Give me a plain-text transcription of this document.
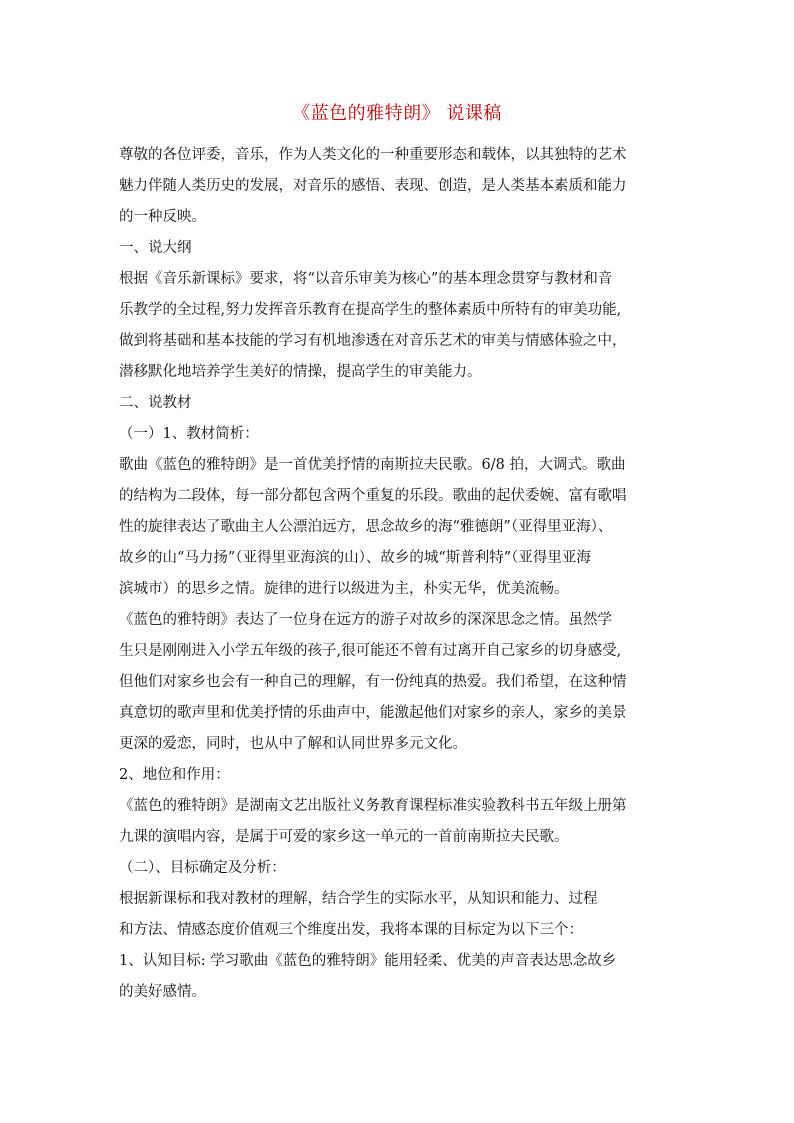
《蓝色的雅特朗》 说课稿
尊敬的各位评委，音乐，作为人类文化的一种重要形态和载体，以其独特的艺术
魅力伴随人类历史的发展，对音乐的感悟、表现、创造，是人类基本素质和能力
的一种反映。
一、说大纲
根据《音乐新课标》要求，将“以音乐审美为核心”的基本理念贯穿与教材和音
乐教学的全过程,努力发挥音乐教育在提高学生的整体素质中所特有的审美功能,
做到将基础和基本技能的学习有机地渗透在对音乐艺术的审美与情感体验之中，
潜移默化地培养学生美好的情操，提高学生的审美能力。
二、说教材
（一）1、教材简析：
歌曲《蓝色的雅特朗》是一首优美抒情的南斯拉夫民歌。6/8 拍，大调式。歌曲
的结构为二段体，每一部分都包含两个重复的乐段。歌曲的起伏委婉、富有歌唱
性的旋律表达了歌曲主人公漂泊远方，思念故乡的海“雅德朗”（亚得里亚海）、
故乡的山“马力扬”（亚得里亚海滨的山）、故乡的城“斯普利特”（亚得里亚海
滨城市）的思乡之情。旋律的进行以级进为主，朴实无华，优美流畅。
《蓝色的雅特朗》表达了一位身在远方的游子对故乡的深深思念之情。虽然学
生只是刚刚进入小学五年级的孩子,很可能还不曾有过离开自己家乡的切身感受,
但他们对家乡也会有一种自己的理解，有一份纯真的热爱。我们希望，在这种情
真意切的歌声里和优美抒情的乐曲声中，能激起他们对家乡的亲人，家乡的美景
更深的爱恋，同时，也从中了解和认同世界多元文化。
2、地位和作用：
《蓝色的雅特朗》是湖南文艺出版社义务教育课程标准实验教科书五年级上册第
九课的演唱内容，是属于可爱的家乡这一单元的一首前南斯拉夫民歌。
（二）、目标确定及分析：
根据新课标和我对教材的理解，结合学生的实际水平，从知识和能力、过程
和方法、情感态度价值观三个维度出发，我将本课的目标定为以下三个：
1、认知目标: 学习歌曲《蓝色的雅特朗》能用轻柔、优美的声音表达思念故乡
的美好感情。
